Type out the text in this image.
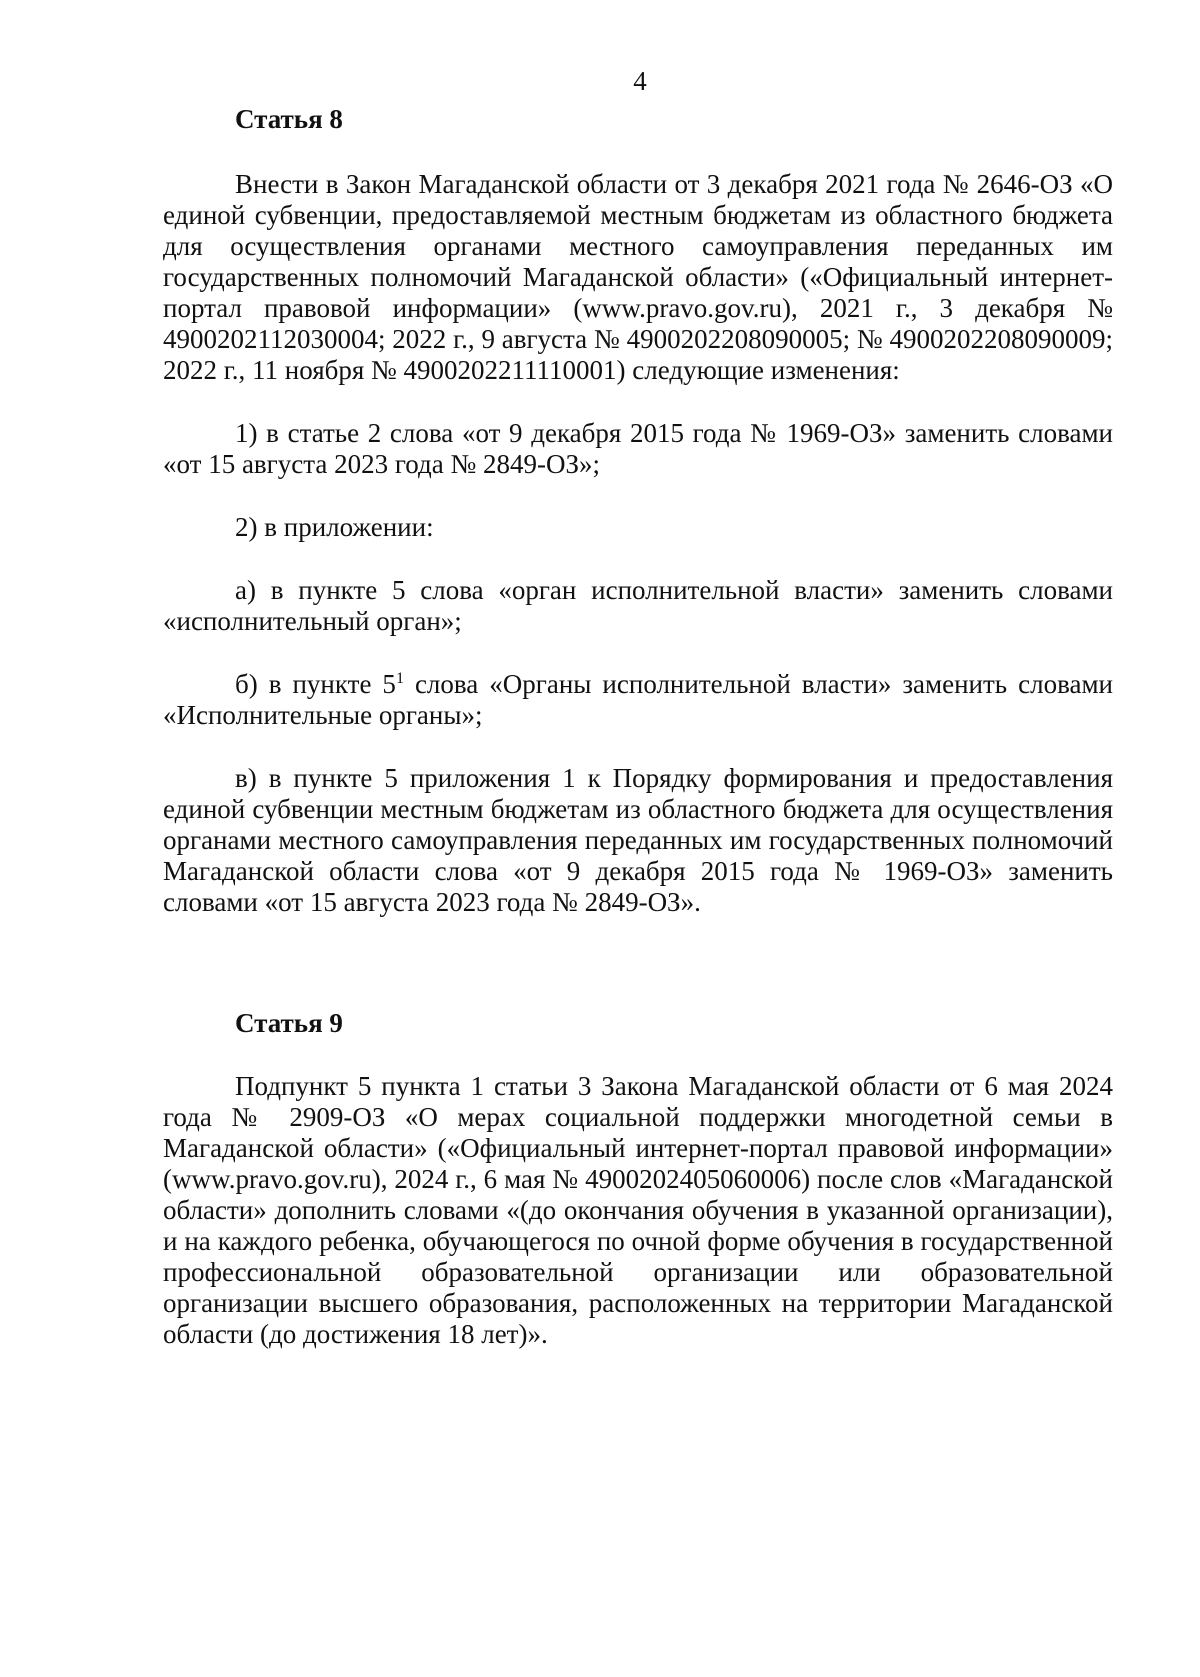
4

Статья 8

Внести в Закон Магаданской области от 3 декабря 2021 года № 2646-ОЗ «О единой субвенции, предоставляемой местным бюджетам из областного бюджета для осуществления органами местного самоуправления переданных им государственных полномочий Магаданской области» («Официальный интернет-портал правовой информации» (www.pravo.gov.ru), 2021 г., 3 декабря № 4900202112030004; 2022 г., 9 августа № 4900202208090005; № 4900202208090009; 2022 г., 11 ноября № 4900202211110001) следующие изменения:

1) в статье 2 слова «от 9 декабря 2015 года № 1969-ОЗ» заменить словами «от 15 августа 2023 года № 2849-ОЗ»;

2) в приложении:

а) в пункте 5 слова «орган исполнительной власти» заменить словами «исполнительный орган»;

б) в пункте $5^1$ слова «Органы исполнительной власти» заменить словами «Исполнительные органы»;

в) в пункте 5 приложения 1 к Порядку формирования и предоставления единой субвенции местным бюджетам из областного бюджета для осуществления органами местного самоуправления переданных им государственных полномочий Магаданской области слова «от 9 декабря 2015 года № 1969-ОЗ» заменить словами «от 15 августа 2023 года № 2849-ОЗ».

Статья 9

Подпункт 5 пункта 1 статьи 3 Закона Магаданской области от 6 мая 2024 года № 2909-ОЗ «О мерах социальной поддержки многодетной семьи в Магаданской области» («Официальный интернет-портал правовой информации» (www.pravo.gov.ru), 2024 г., 6 мая № 4900202405060006) после слов «Магаданской области» дополнить словами «(до окончания обучения в указанной организации), и на каждого ребенка, обучающегося по очной форме обучения в государственной профессиональной образовательной организации или образовательной организации высшего образования, расположенных на территории Магаданской области (до достижения 18 лет)».
